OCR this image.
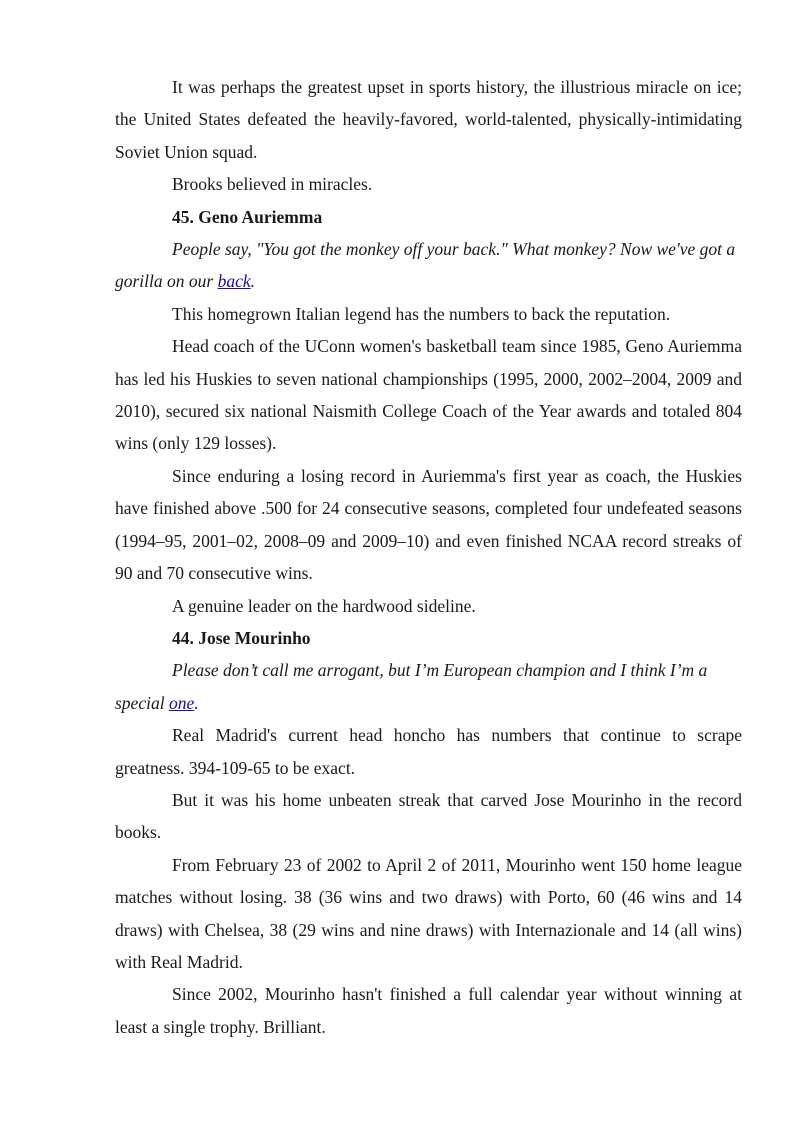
It was perhaps the greatest upset in sports history, the illustrious miracle on ice; the United States defeated the heavily-favored, world-talented, physically-intimidating Soviet Union squad.

Brooks believed in miracles.

45. Geno Auriemma

People say, "You got the monkey off your back." What monkey? Now we've got a gorilla on our back.

This homegrown Italian legend has the numbers to back the reputation.

Head coach of the UConn women's basketball team since 1985, Geno Auriemma has led his Huskies to seven national championships (1995, 2000, 2002–2004, 2009 and 2010), secured six national Naismith College Coach of the Year awards and totaled 804 wins (only 129 losses).

Since enduring a losing record in Auriemma's first year as coach, the Huskies have finished above .500 for 24 consecutive seasons, completed four undefeated seasons (1994–95, 2001–02, 2008–09 and 2009–10) and even finished NCAA record streaks of 90 and 70 consecutive wins.

A genuine leader on the hardwood sideline.

44. Jose Mourinho

Please don’t call me arrogant, but I’m European champion and I think I’m a special one.

Real Madrid's current head honcho has numbers that continue to scrape greatness. 394-109-65 to be exact.

But it was his home unbeaten streak that carved Jose Mourinho in the record books.

From February 23 of 2002 to April 2 of 2011, Mourinho went 150 home league matches without losing. 38 (36 wins and two draws) with Porto, 60 (46 wins and 14 draws) with Chelsea, 38 (29 wins and nine draws) with Internazionale and 14 (all wins) with Real Madrid.

Since 2002, Mourinho hasn't finished a full calendar year without winning at least a single trophy. Brilliant.
